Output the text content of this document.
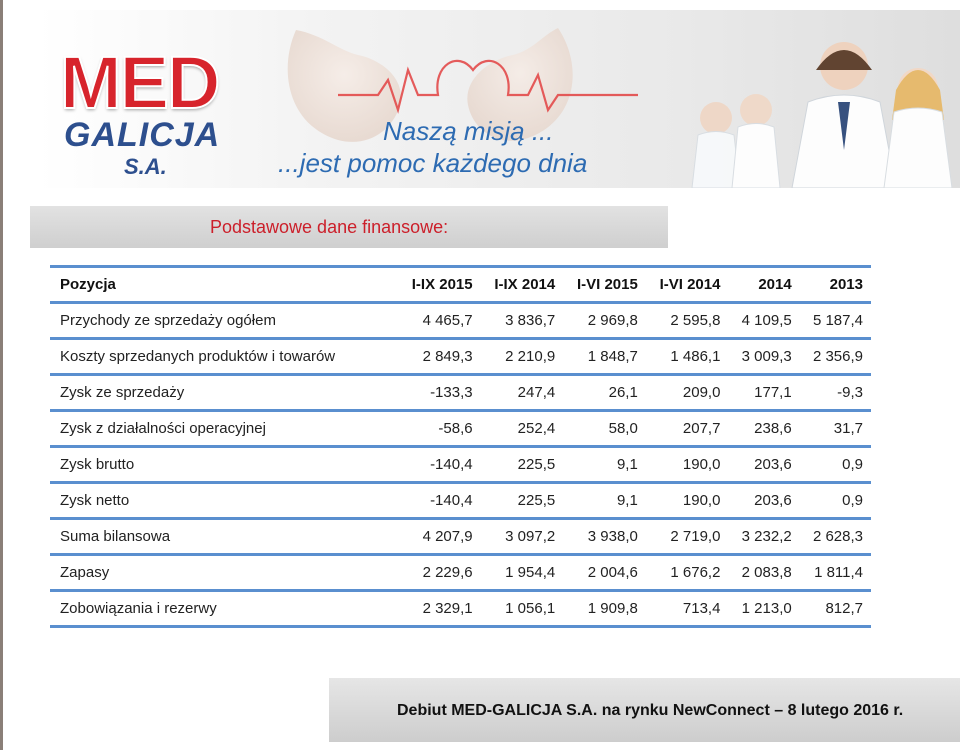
MED
GALICJA
S.A.
Naszą misją ...
...jest pomoc każdego dnia
Podstawowe dane finansowe:
Pozycja	I-IX 2015	I-IX 2014	I-VI 2015	I-VI 2014	2014	2013
Przychody ze sprzedaży ogółem	4 465,7	3 836,7	2 969,8	2 595,8	4 109,5	5 187,4
Koszty sprzedanych produktów i towarów	2 849,3	2 210,9	1 848,7	1 486,1	3 009,3	2 356,9
Zysk ze sprzedaży	-133,3	247,4	26,1	209,0	177,1	-9,3
Zysk z działalności operacyjnej	-58,6	252,4	58,0	207,7	238,6	31,7
Zysk brutto	-140,4	225,5	9,1	190,0	203,6	0,9
Zysk netto	-140,4	225,5	9,1	190,0	203,6	0,9
Suma bilansowa	4 207,9	3 097,2	3 938,0	2 719,0	3 232,2	2 628,3
Zapasy	2 229,6	1 954,4	2 004,6	1 676,2	2 083,8	1 811,4
Zobowiązania i rezerwy	2 329,1	1 056,1	1 909,8	713,4	1 213,0	812,7
Debiut MED-GALICJA S.A. na rynku NewConnect – 8 lutego 2016 r.
